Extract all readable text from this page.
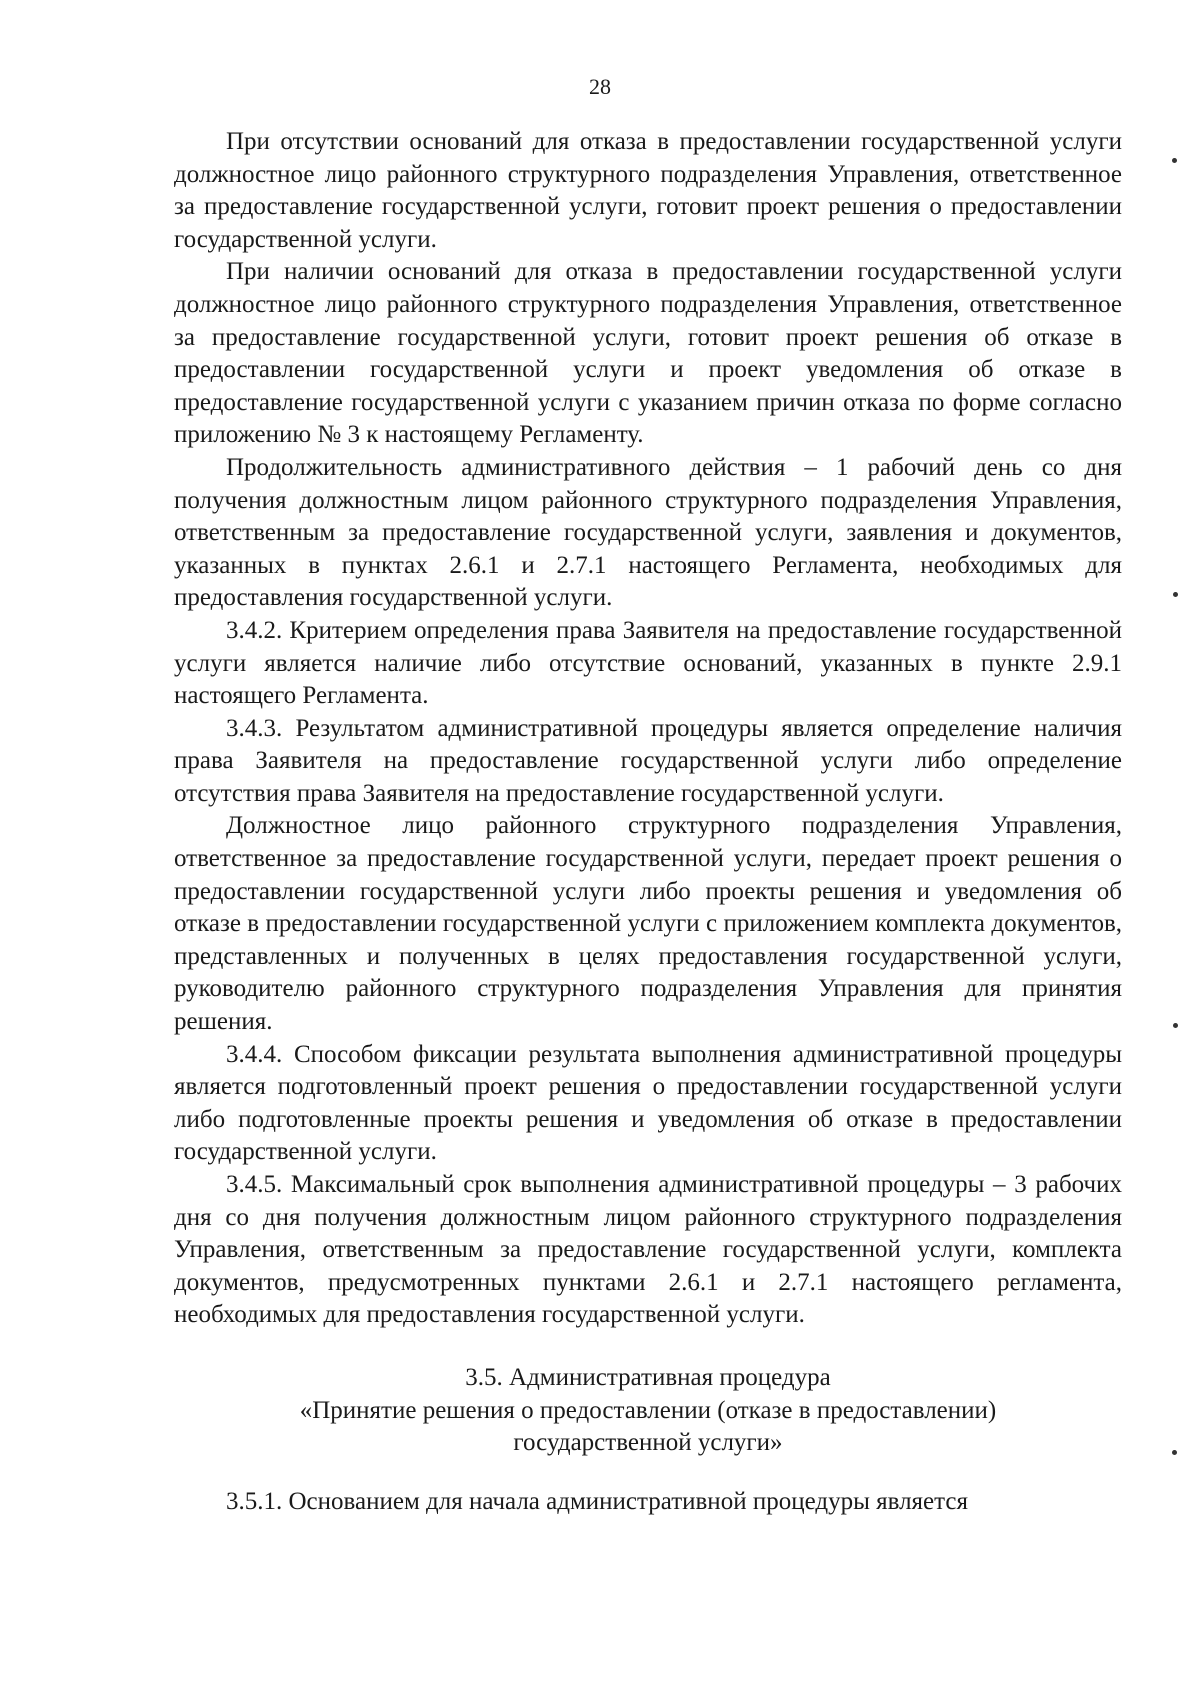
28

При отсутствии оснований для отказа в предоставлении государственной услуги должностное лицо районного структурного подразделения Управления, ответственное за предоставление государственной услуги, готовит проект решения о предоставлении государственной услуги.

При наличии оснований для отказа в предоставлении государственной услуги должностное лицо районного структурного подразделения Управления, ответственное за предоставление государственной услуги, готовит проект решения об отказе в предоставлении государственной услуги и проект уведомления об отказе в предоставление государственной услуги с указанием причин отказа по форме согласно приложению № 3 к настоящему Регламенту.

Продолжительность административного действия – 1 рабочий день со дня получения должностным лицом районного структурного подразделения Управления, ответственным за предоставление государственной услуги, заявления и документов, указанных в пунктах 2.6.1 и 2.7.1 настоящего Регламента, необходимых для предоставления государственной услуги.

3.4.2. Критерием определения права Заявителя на предоставление государственной услуги является наличие либо отсутствие оснований, указанных в пункте 2.9.1 настоящего Регламента.

3.4.3. Результатом административной процедуры является определение наличия права Заявителя на предоставление государственной услуги либо определение отсутствия права Заявителя на предоставление государственной услуги.

Должностное лицо районного структурного подразделения Управления, ответственное за предоставление государственной услуги, передает проект решения о предоставлении государственной услуги либо проекты решения и уведомления об отказе в предоставлении государственной услуги с приложением комплекта документов, представленных и полученных в целях предоставления государственной услуги, руководителю районного структурного подразделения Управления для принятия решения.

3.4.4. Способом фиксации результата выполнения административной процедуры является подготовленный проект решения о предоставлении государственной услуги либо подготовленные проекты решения и уведомления об отказе в предоставлении государственной услуги.

3.4.5. Максимальный срок выполнения административной процедуры – 3 рабочих дня со дня получения должностным лицом районного структурного подразделения Управления, ответственным за предоставление государственной услуги, комплекта документов, предусмотренных пунктами 2.6.1 и 2.7.1 настоящего регламента, необходимых для предоставления государственной услуги.

3.5. Административная процедура
«Принятие решения о предоставлении (отказе в предоставлении)
государственной услуги»

3.5.1. Основанием для начала административной процедуры является
